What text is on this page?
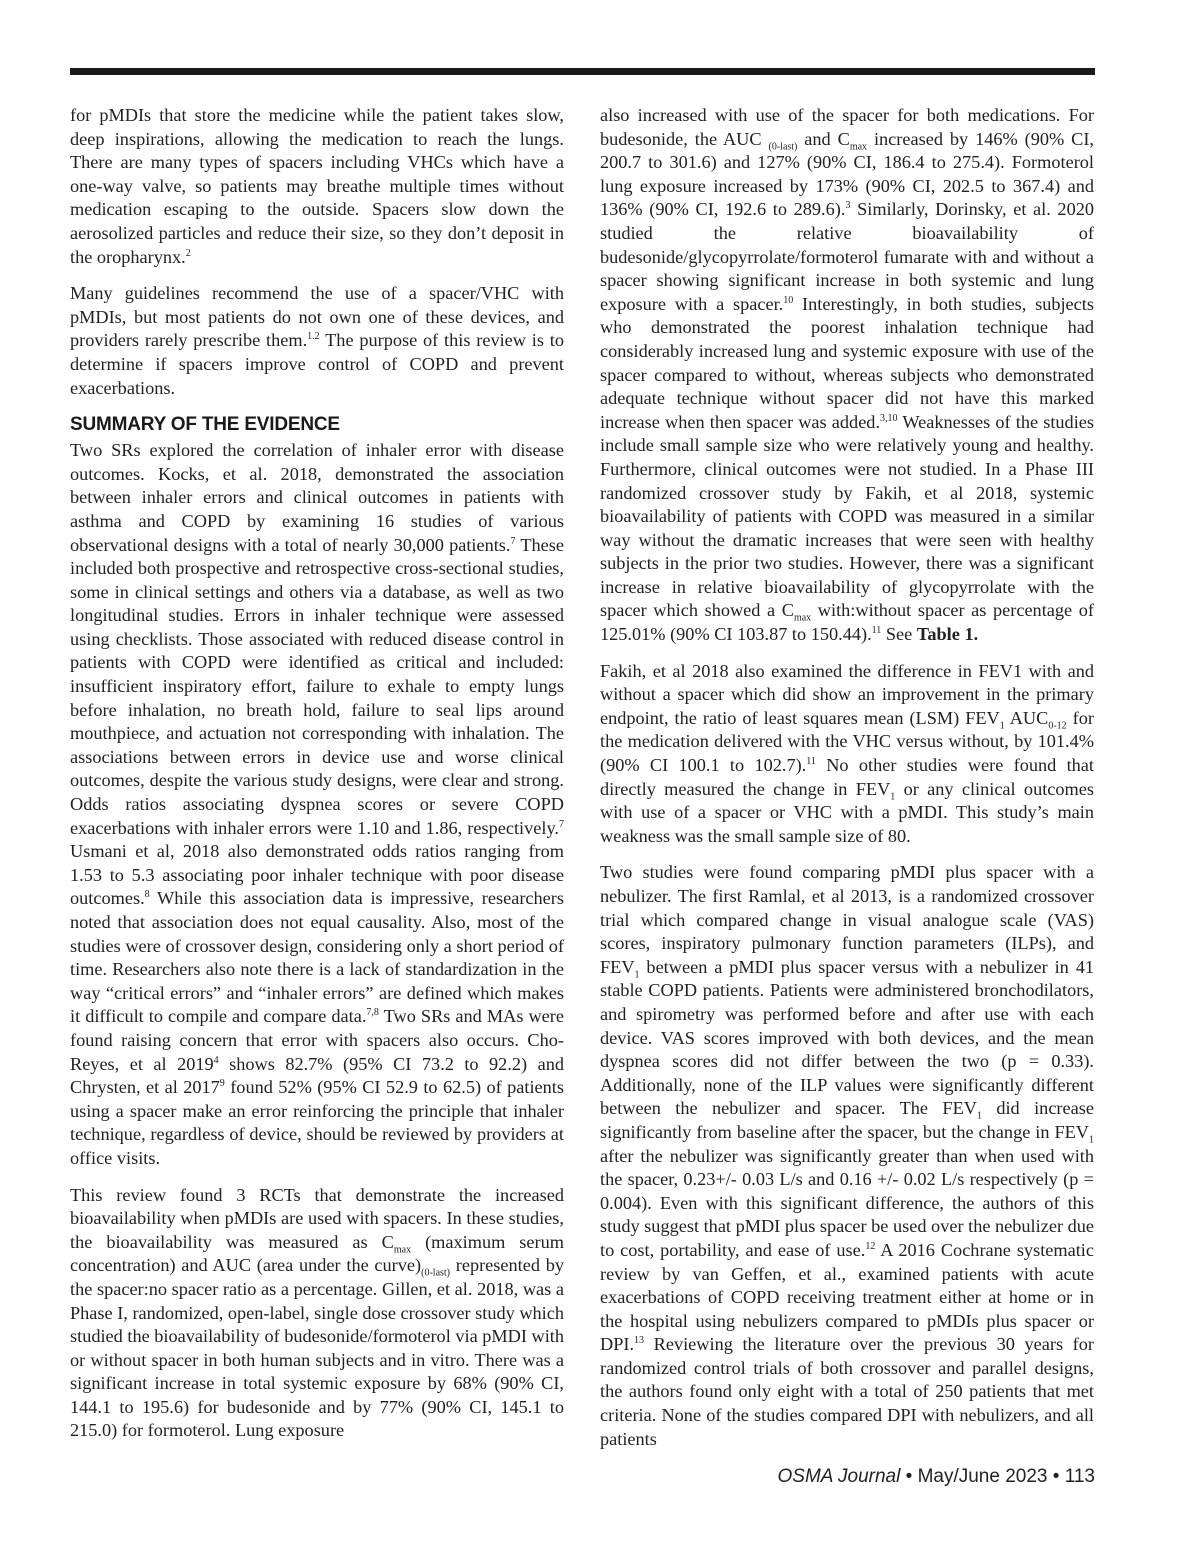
for pMDIs that store the medicine while the patient takes slow, deep inspirations, allowing the medication to reach the lungs. There are many types of spacers including VHCs which have a one-way valve, so patients may breathe multiple times without medication escaping to the outside. Spacers slow down the aerosolized particles and reduce their size, so they don’t deposit in the oropharynx.$^2$

Many guidelines recommend the use of a spacer/VHC with pMDIs, but most patients do not own one of these devices, and providers rarely prescribe them.$^{1.2}$ The purpose of this review is to determine if spacers improve control of COPD and prevent exacerbations.

SUMMARY OF THE EVIDENCE

Two SRs explored the correlation of inhaler error with disease outcomes. Kocks, et al. 2018, demonstrated the association between inhaler errors and clinical outcomes in patients with asthma and COPD by examining 16 studies of various observational designs with a total of nearly 30,000 patients.$^7$ These included both prospective and retrospective cross-sectional studies, some in clinical settings and others via a database, as well as two longitudinal studies. Errors in inhaler technique were assessed using checklists. Those associated with reduced disease control in patients with COPD were identified as critical and included: insufficient inspiratory effort, failure to exhale to empty lungs before inhalation, no breath hold, failure to seal lips around mouthpiece, and actuation not corresponding with inhalation. The associations between errors in device use and worse clinical outcomes, despite the various study designs, were clear and strong. Odds ratios associating dyspnea scores or severe COPD exacerbations with inhaler errors were 1.10 and 1.86, respectively.$^7$ Usmani et al, 2018 also demonstrated odds ratios ranging from 1.53 to 5.3 associating poor inhaler technique with poor disease outcomes.$^8$ While this association data is impressive, researchers noted that association does not equal causality. Also, most of the studies were of crossover design, considering only a short period of time. Researchers also note there is a lack of standardization in the way “critical errors” and “inhaler errors” are defined which makes it difficult to compile and compare data.$^{7,8}$ Two SRs and MAs were found raising concern that error with spacers also occurs. Cho-Reyes, et al 2019$^4$ shows 82.7% (95% CI 73.2 to 92.2) and Chrysten, et al 2017$^9$ found 52% (95% CI 52.9 to 62.5) of patients using a spacer make an error reinforcing the principle that inhaler technique, regardless of device, should be reviewed by providers at office visits.

This review found 3 RCTs that demonstrate the increased bioavailability when pMDIs are used with spacers. In these studies, the bioavailability was measured as $C_{max}$ (maximum serum concentration) and AUC (area under the $curve)_{(0-last)}$ represented by the spacer:no spacer ratio as a percentage. Gillen, et al. 2018, was a Phase I, randomized, open-label, single dose crossover study which studied the bioavailability of budesonide/formoterol via pMDI with or without spacer in both human subjects and in vitro. There was a significant increase in total systemic exposure by 68% (90% CI, 144.1 to 195.6) for budesonide and by 77% (90% CI, 145.1 to 215.0) for formoterol. Lung exposure

also increased with use of the spacer for both medications. For budesonide, the AUC $_{(0-last)}$ and $C_{max}$ increased by 146% (90% CI, 200.7 to 301.6) and 127% (90% CI, 186.4 to 275.4). Formoterol lung exposure increased by 173% (90% CI, 202.5 to 367.4) and 136% (90% CI, 192.6 to 289.6).$^3$ Similarly, Dorinsky, et al. 2020 studied the relative bioavailability of budesonide/glycopyrrolate/formoterol fumarate with and without a spacer showing significant increase in both systemic and lung exposure with a spacer.$^{10}$ Interestingly, in both studies, subjects who demonstrated the poorest inhalation technique had considerably increased lung and systemic exposure with use of the spacer compared to without, whereas subjects who demonstrated adequate technique without spacer did not have this marked increase when then spacer was added.$^{3,10}$ Weaknesses of the studies include small sample size who were relatively young and healthy. Furthermore, clinical outcomes were not studied. In a Phase III randomized crossover study by Fakih, et al 2018, systemic bioavailability of patients with COPD was measured in a similar way without the dramatic increases that were seen with healthy subjects in the prior two studies. However, there was a significant increase in relative bioavailability of glycopyrrolate with the spacer which showed a $C_{max}$ with:without spacer as percentage of 125.01% (90% CI 103.87 to 150.44).$^{11}$ See Table 1.

Fakih, et al 2018 also examined the difference in FEV1 with and without a spacer which did show an improvement in the primary endpoint, the ratio of least squares mean (LSM) $FEV_1$ $AUC_{0-12}$ for the medication delivered with the VHC versus without, by 101.4% (90% CI 100.1 to 102.7).$^{11}$ No other studies were found that directly measured the change in $FEV_1$ or any clinical outcomes with use of a spacer or VHC with a pMDI. This study’s main weakness was the small sample size of 80.

Two studies were found comparing pMDI plus spacer with a nebulizer. The first Ramlal, et al 2013, is a randomized crossover trial which compared change in visual analogue scale (VAS) scores, inspiratory pulmonary function parameters (ILPs), and $FEV_1$ between a pMDI plus spacer versus with a nebulizer in 41 stable COPD patients. Patients were administered bronchodilators, and spirometry was performed before and after use with each device. VAS scores improved with both devices, and the mean dyspnea scores did not differ between the two (p = 0.33). Additionally, none of the ILP values were significantly different between the nebulizer and spacer. The $FEV_1$ did increase significantly from baseline after the spacer, but the change in $FEV_1$ after the nebulizer was significantly greater than when used with the spacer, 0.23+/- 0.03 L/s and 0.16 +/- 0.02 L/s respectively (p = 0.004). Even with this significant difference, the authors of this study suggest that pMDI plus spacer be used over the nebulizer due to cost, portability, and ease of use.$^{12}$ A 2016 Cochrane systematic review by van Geffen, et al., examined patients with acute exacerbations of COPD receiving treatment either at home or in the hospital using nebulizers compared to pMDIs plus spacer or DPI.$^{13}$ Reviewing the literature over the previous 30 years for randomized control trials of both crossover and parallel designs, the authors found only eight with a total of 250 patients that met criteria. None of the studies compared DPI with nebulizers, and all patients

OSMA Journal • May/June 2023 • 113
